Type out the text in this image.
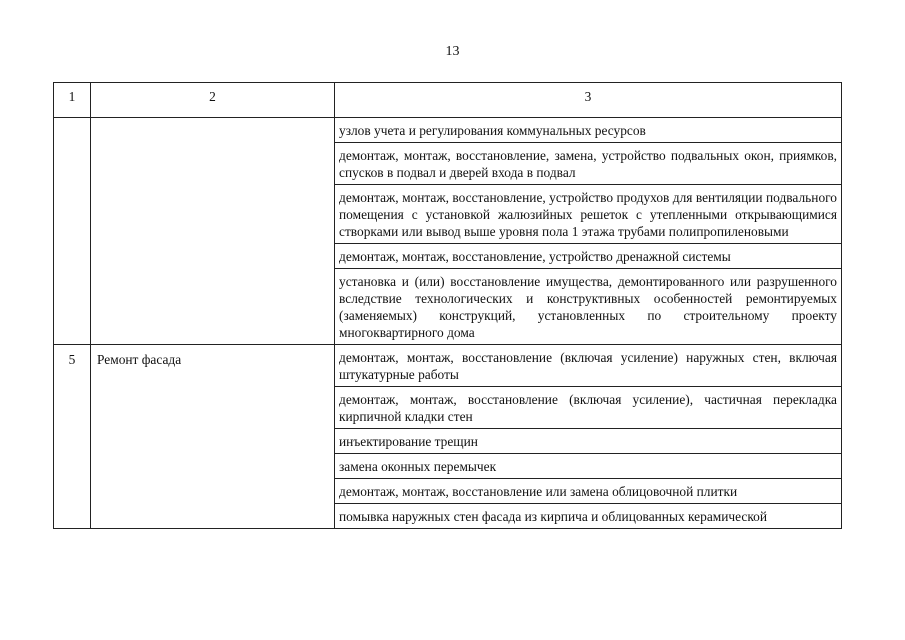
13
1	2	3
		узлов учета и регулирования коммунальных ресурсов
		демонтаж, монтаж, восстановление, замена, устройство подвальных окон, приямков, спусков в подвал и дверей входа в подвал
		демонтаж, монтаж, восстановление, устройство продухов для вентиляции подвального помещения с установкой жалюзийных решеток с утепленными открывающимися створками или вывод выше уровня пола 1 этажа трубами полипропиленовыми
		демонтаж, монтаж, восстановление, устройство дренажной системы
		установка и (или) восстановление имущества, демонтированного или разрушенного вследствие технологических и конструктивных особенностей ремонтируемых (заменяемых) конструкций, установленных по строительному проекту многоквартирного дома
5	Ремонт фасада	демонтаж, монтаж, восстановление (включая усиление) наружных стен, включая штукатурные работы
		демонтаж, монтаж, восстановление (включая усиление), частичная перекладка кирпичной кладки стен
		инъектирование трещин
		замена оконных перемычек
		демонтаж, монтаж, восстановление или замена облицовочной плитки
		помывка наружных стен фасада из кирпича и облицованных керамической
